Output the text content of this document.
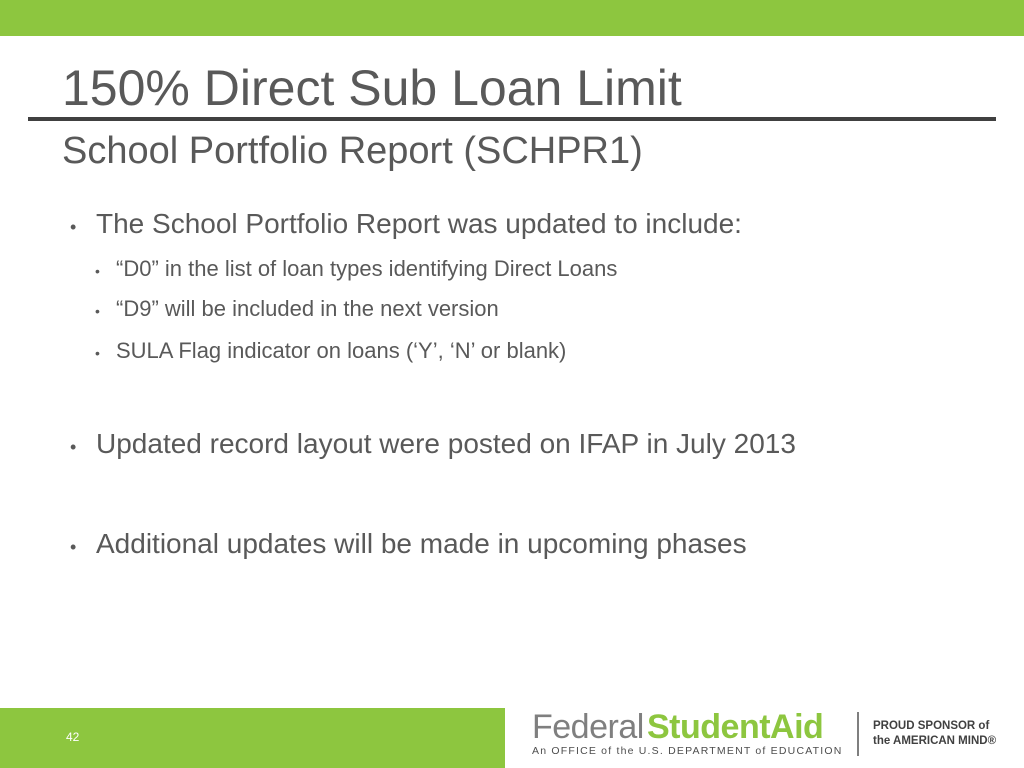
150% Direct Sub Loan Limit
School Portfolio Report (SCHPR1)
• The School Portfolio Report was updated to include:
• “D0” in the list of loan types identifying Direct Loans
• “D9” will be included in the next version
• SULA Flag indicator on loans (‘Y’, ‘N’ or blank)
• Updated record layout were posted on IFAP in July 2013
• Additional updates will be made in upcoming phases
42	Federal StudentAid
An OFFICE of the U.S. DEPARTMENT of EDUCATION
PROUD SPONSOR of
the AMERICAN MIND®
